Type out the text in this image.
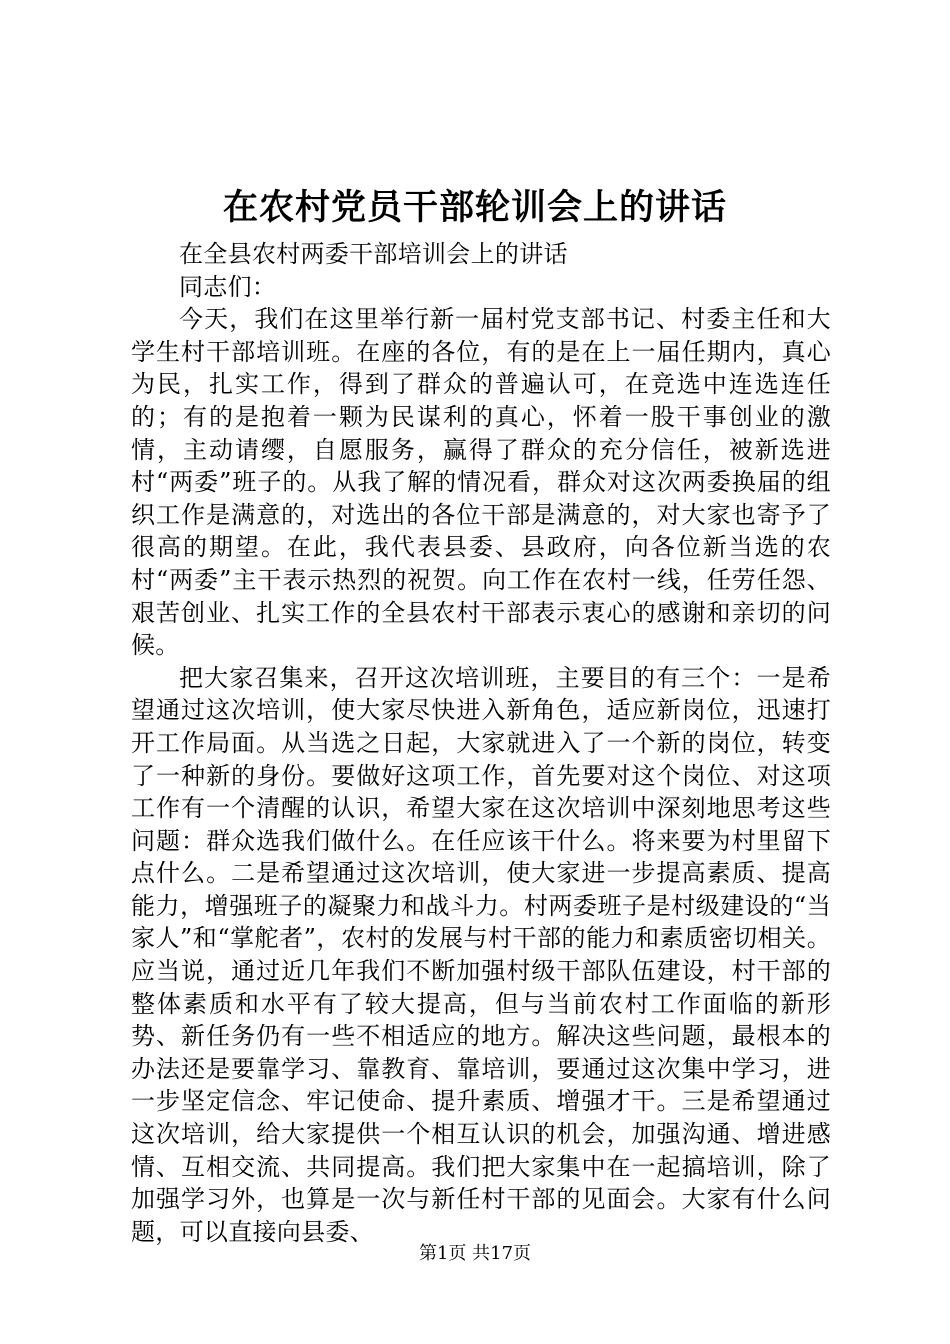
在农村党员干部轮训会上的讲话

在全县农村两委干部培训会上的讲话

同志们：

今天，我们在这里举行新一届村党支部书记、村委主任和大学生村干部培训班。在座的各位，有的是在上一届任期内，真心为民，扎实工作，得到了群众的普遍认可，在竞选中连选连任的；有的是抱着一颗为民谋利的真心，怀着一股干事创业的激情，主动请缨，自愿服务，赢得了群众的充分信任，被新选进村“两委”班子的。从我了解的情况看，群众对这次两委换届的组织工作是满意的，对选出的各位干部是满意的，对大家也寄予了很高的期望。在此，我代表县委、县政府，向各位新当选的农村“两委”主干表示热烈的祝贺。向工作在农村一线，任劳任怨、艰苦创业、扎实工作的全县农村干部表示衷心的感谢和亲切的问候。

把大家召集来，召开这次培训班，主要目的有三个：一是希望通过这次培训，使大家尽快进入新角色，适应新岗位，迅速打开工作局面。从当选之日起，大家就进入了一个新的岗位，转变了一种新的身份。要做好这项工作，首先要对这个岗位、对这项工作有一个清醒的认识，希望大家在这次培训中深刻地思考这些问题：群众选我们做什么。在任应该干什么。将来要为村里留下点什么。二是希望通过这次培训，使大家进一步提高素质、提高能力，增强班子的凝聚力和战斗力。村两委班子是村级建设的“当家人”和“掌舵者”，农村的发展与村干部的能力和素质密切相关。应当说，通过近几年我们不断加强村级干部队伍建设，村干部的整体素质和水平有了较大提高，但与当前农村工作面临的新形势、新任务仍有一些不相适应的地方。解决这些问题，最根本的办法还是要靠学习、靠教育、靠培训，要通过这次集中学习，进一步坚定信念、牢记使命、提升素质、增强才干。三是希望通过这次培训，给大家提供一个相互认识的机会，加强沟通、增进感情、互相交流、共同提高。我们把大家集中在一起搞培训，除了加强学习外，也算是一次与新任村干部的见面会。大家有什么问题，可以直接向县委、

第1页 共17页
